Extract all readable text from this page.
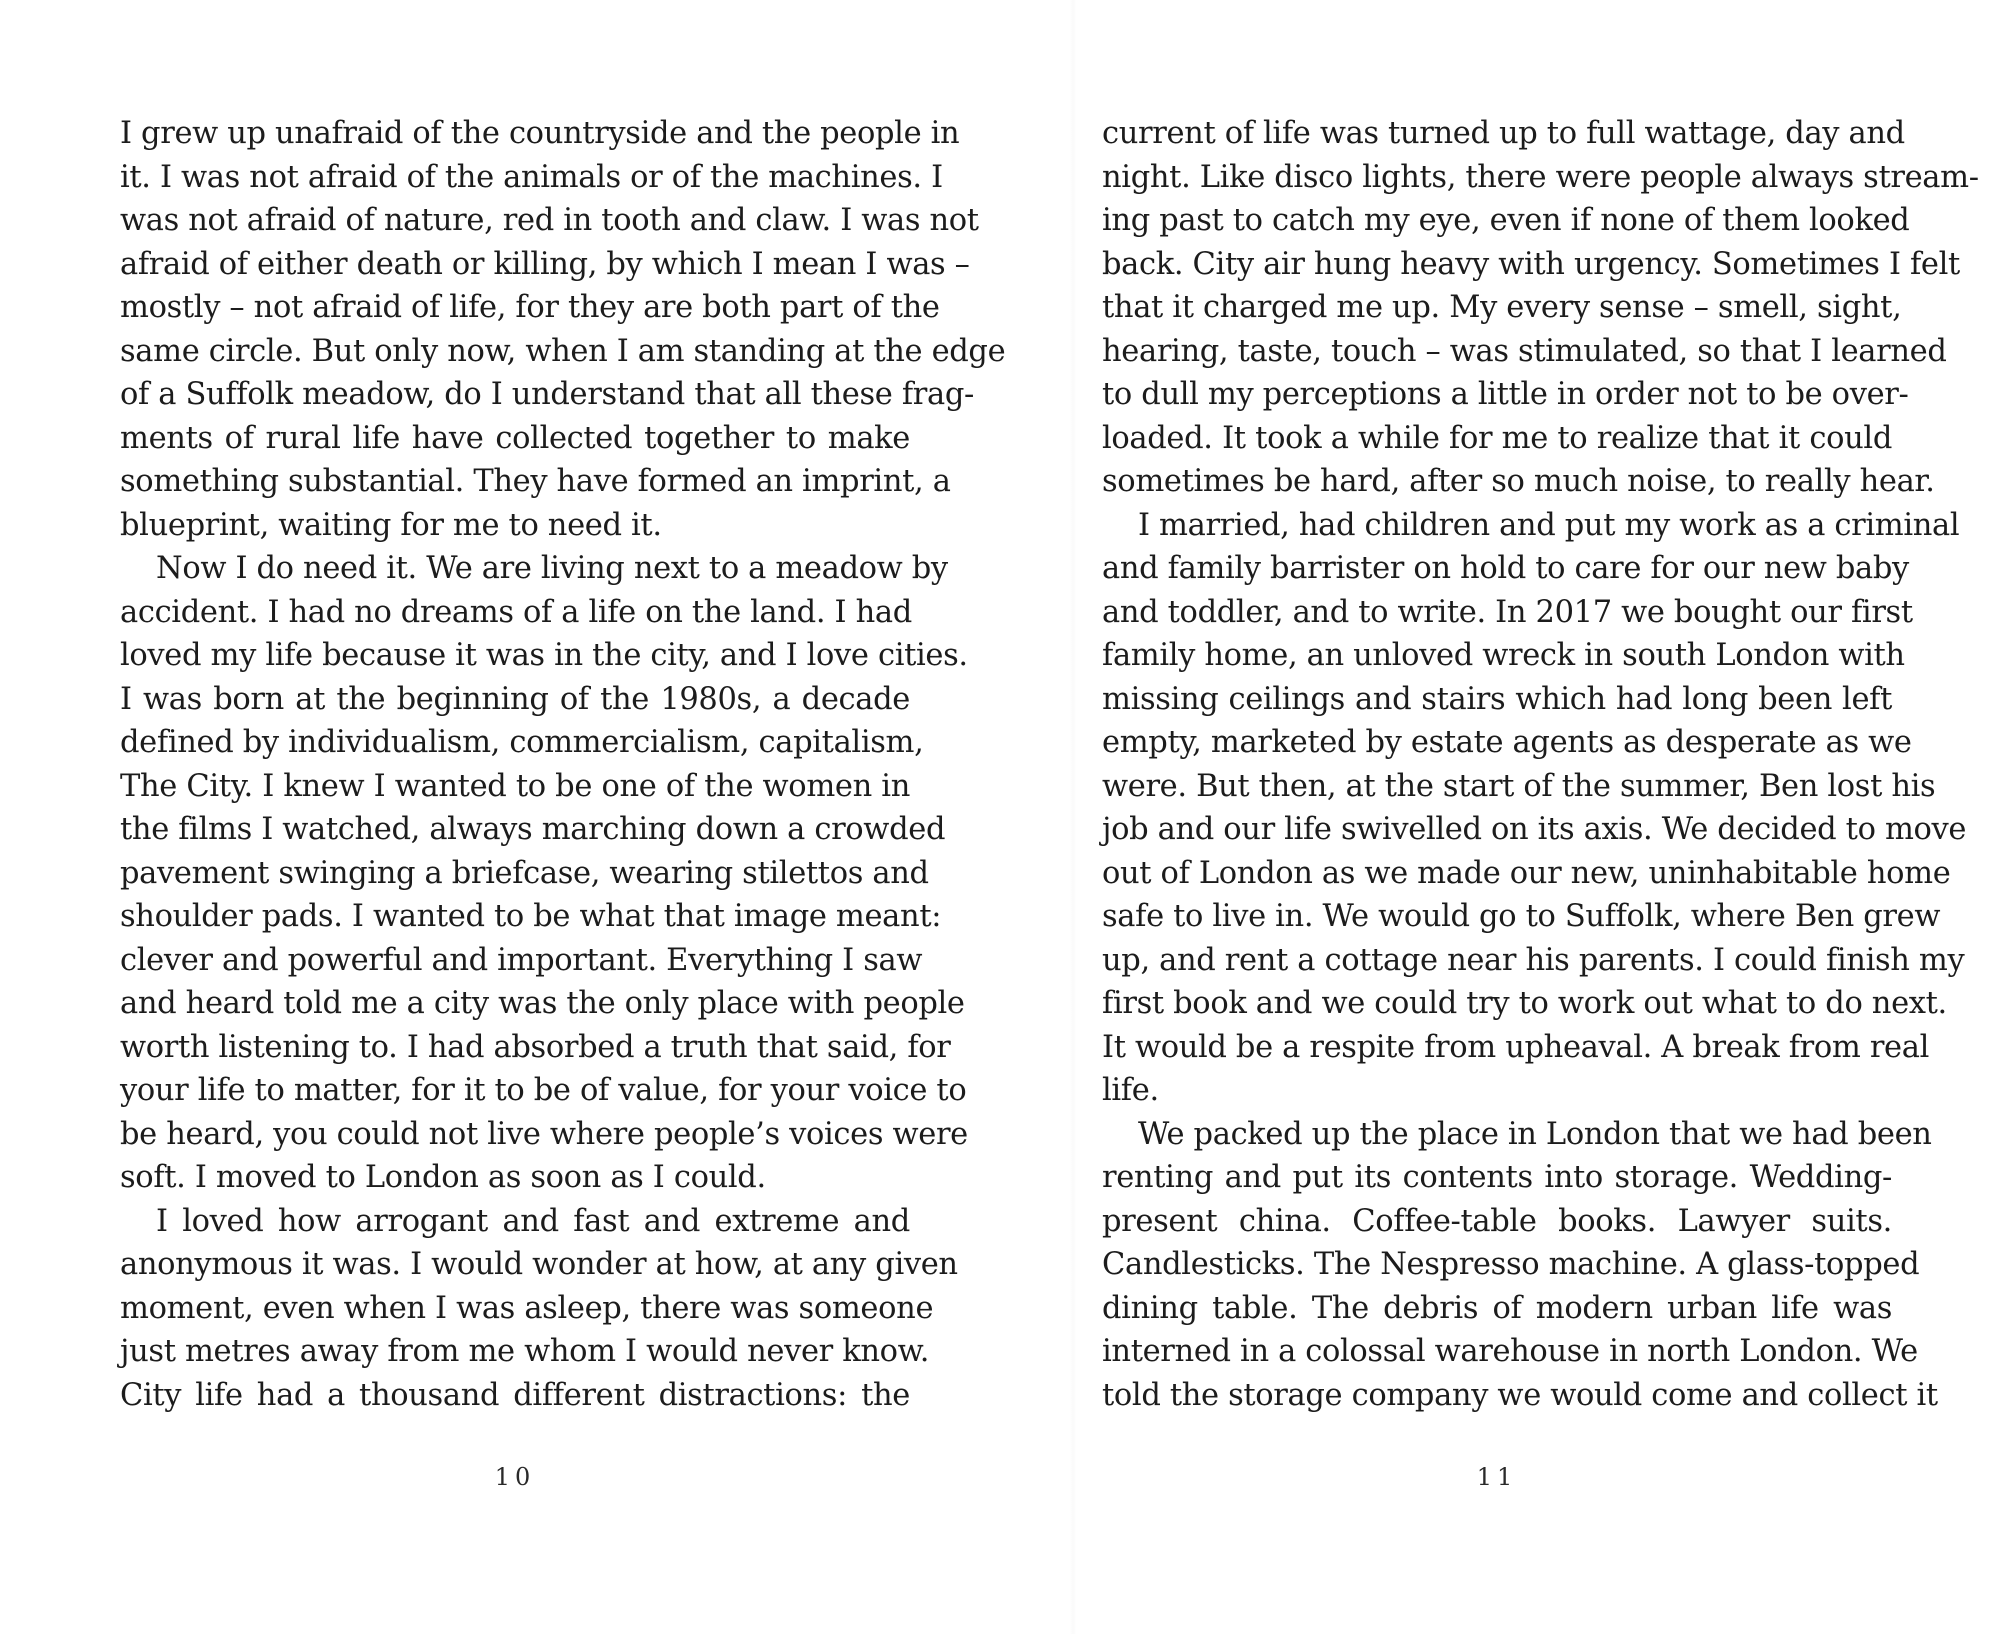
I grew up unafraid of the countryside and the people in
it. I was not afraid of the animals or of the machines. I
was not afraid of nature, red in tooth and claw. I was not
afraid of either death or killing, by which I mean I was –
mostly – not afraid of life, for they are both part of the
same circle. But only now, when I am standing at the edge
of a Suffolk meadow, do I understand that all these frag-
ments of rural life have collected together to make
something substantial. They have formed an imprint, a
blueprint, waiting for me to need it.
Now I do need it. We are living next to a meadow by
accident. I had no dreams of a life on the land. I had
loved my life because it was in the city, and I love cities.
I was born at the beginning of the 1980s, a decade
defined by individualism, commercialism, capitalism,
The City. I knew I wanted to be one of the women in
the films I watched, always marching down a crowded
pavement swinging a briefcase, wearing stilettos and
shoulder pads. I wanted to be what that image meant:
clever and powerful and important. Everything I saw
and heard told me a city was the only place with people
worth listening to. I had absorbed a truth that said, for
your life to matter, for it to be of value, for your voice to
be heard, you could not live where people’s voices were
soft. I moved to London as soon as I could.
I loved how arrogant and fast and extreme and
anonymous it was. I would wonder at how, at any given
moment, even when I was asleep, there was someone
just metres away from me whom I would never know.
City life had a thousand different distractions: the
current of life was turned up to full wattage, day and
night. Like disco lights, there were people always stream-
ing past to catch my eye, even if none of them looked
back. City air hung heavy with urgency. Sometimes I felt
that it charged me up. My every sense – smell, sight,
hearing, taste, touch – was stimulated, so that I learned
to dull my perceptions a little in order not to be over-
loaded. It took a while for me to realize that it could
sometimes be hard, after so much noise, to really hear.
I married, had children and put my work as a criminal
and family barrister on hold to care for our new baby
and toddler, and to write. In 2017 we bought our first
family home, an unloved wreck in south London with
missing ceilings and stairs which had long been left
empty, marketed by estate agents as desperate as we
were. But then, at the start of the summer, Ben lost his
job and our life swivelled on its axis. We decided to move
out of London as we made our new, uninhabitable home
safe to live in. We would go to Suffolk, where Ben grew
up, and rent a cottage near his parents. I could finish my
first book and we could try to work out what to do next.
It would be a respite from upheaval. A break from real
life.
We packed up the place in London that we had been
renting and put its contents into storage. Wedding-
present china. Coffee-table books. Lawyer suits.
Candlesticks. The Nespresso machine. A glass-topped
dining table. The debris of modern urban life was
interned in a colossal warehouse in north London. We
told the storage company we would come and collect it
10	11
